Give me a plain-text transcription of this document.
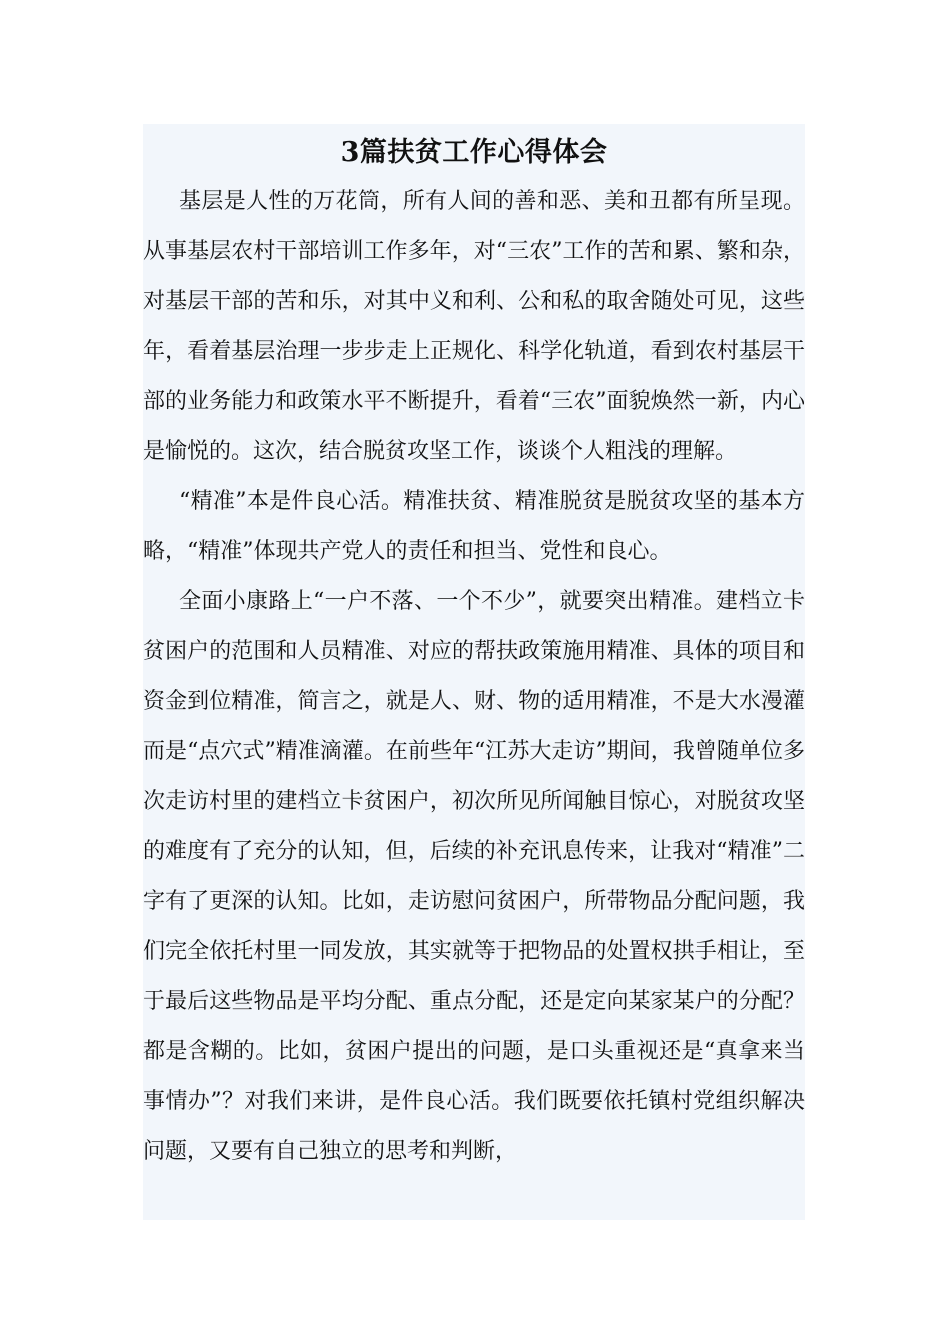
3篇扶贫工作心得体会

基层是人性的万花筒，所有人间的善和恶、美和丑都有所呈现。从事基层农村干部培训工作多年，对“三农”工作的苦和累、繁和杂，对基层干部的苦和乐，对其中义和利、公和私的取舍随处可见，这些年，看着基层治理一步步走上正规化、科学化轨道，看到农村基层干部的业务能力和政策水平不断提升，看着“三农”面貌焕然一新，内心是愉悦的。这次，结合脱贫攻坚工作，谈谈个人粗浅的理解。

“精准”本是件良心活。精准扶贫、精准脱贫是脱贫攻坚的基本方略，“精准”体现共产党人的责任和担当、党性和良心。

全面小康路上“一户不落、一个不少”，就要突出精准。建档立卡贫困户的范围和人员精准、对应的帮扶政策施用精准、具体的项目和资金到位精准，简言之，就是人、财、物的适用精准，不是大水漫灌而是“点穴式”精准滴灌。在前些年“江苏大走访”期间，我曾随单位多次走访村里的建档立卡贫困户，初次所见所闻触目惊心，对脱贫攻坚的难度有了充分的认知，但，后续的补充讯息传来，让我对“精准”二字有了更深的认知。比如，走访慰问贫困户，所带物品分配问题，我们完全依托村里一同发放，其实就等于把物品的处置权拱手相让，至于最后这些物品是平均分配、重点分配，还是定向某家某户的分配？都是含糊的。比如，贫困户提出的问题，是口头重视还是“真拿来当事情办”？对我们来讲，是件良心活。我们既要依托镇村党组织解决问题，又要有自己独立的思考和判断，
